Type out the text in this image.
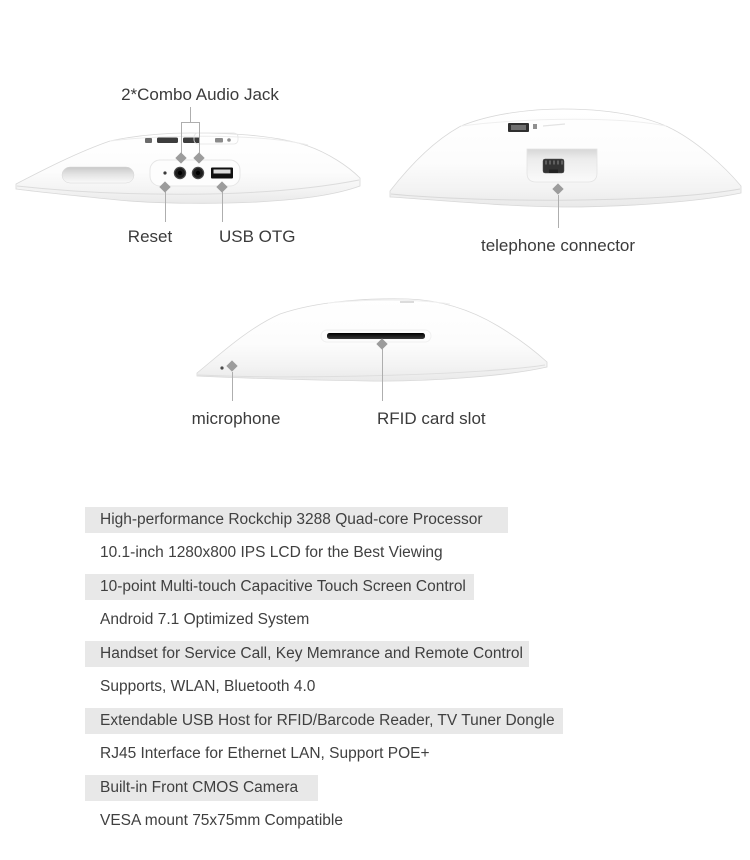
2*Combo Audio Jack
Reset	USB OTG	telephone connector
microphone	RFID card slot
High-performance Rockchip 3288 Quad-core Processor
10.1-inch 1280x800 IPS LCD for the Best Viewing
10-point Multi-touch Capacitive Touch Screen Control
Android 7.1 Optimized System
Handset for Service Call, Key Memrance and Remote Control
Supports, WLAN, Bluetooth 4.0
Extendable USB Host for RFID/Barcode Reader, TV Tuner Dongle
RJ45 Interface for Ethernet LAN, Support POE+
Built-in Front CMOS Camera
VESA mount 75x75mm Compatible
